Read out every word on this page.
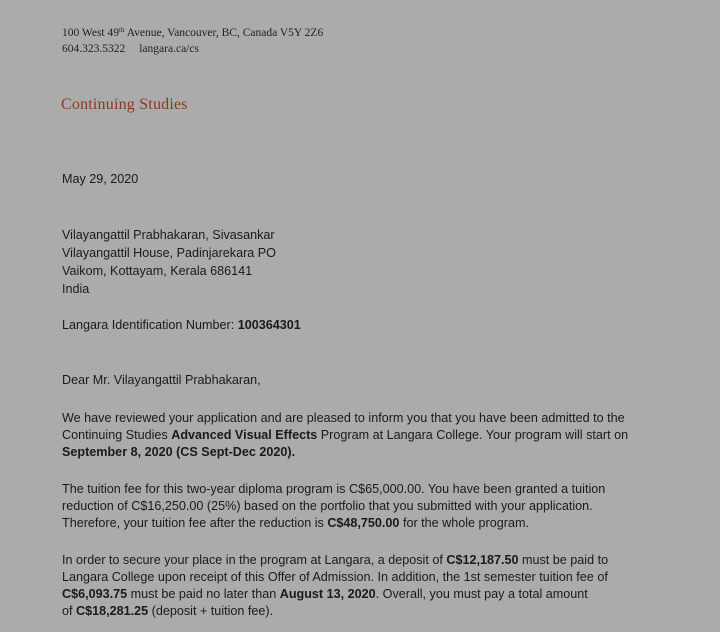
100 West 49th Avenue, Vancouver, BC, Canada V5Y 2Z6
604.323.5322 langara.ca/cs
Continuing Studies
May 29, 2020
Vilayangattil Prabhakaran, Sivasankar
Vilayangattil House, Padinjarekara PO
Vaikom, Kottayam, Kerala 686141
India
Langara Identification Number: 100364301
Dear Mr. Vilayangattil Prabhakaran,
We have reviewed your application and are pleased to inform you that you have been admitted to the
Continuing Studies Advanced Visual Effects Program at Langara College. Your program will start on
September 8, 2020 (CS Sept-Dec 2020).
The tuition fee for this two-year diploma program is C$65,000.00. You have been granted a tuition
reduction of C$16,250.00 (25%) based on the portfolio that you submitted with your application.
Therefore, your tuition fee after the reduction is C$48,750.00 for the whole program.
In order to secure your place in the program at Langara, a deposit of C$12,187.50 must be paid to
Langara College upon receipt of this Offer of Admission. In addition, the 1st semester tuition fee of
C$6,093.75 must be paid no later than August 13, 2020. Overall, you must pay a total amount
of C$18,281.25 (deposit + tuition fee).
